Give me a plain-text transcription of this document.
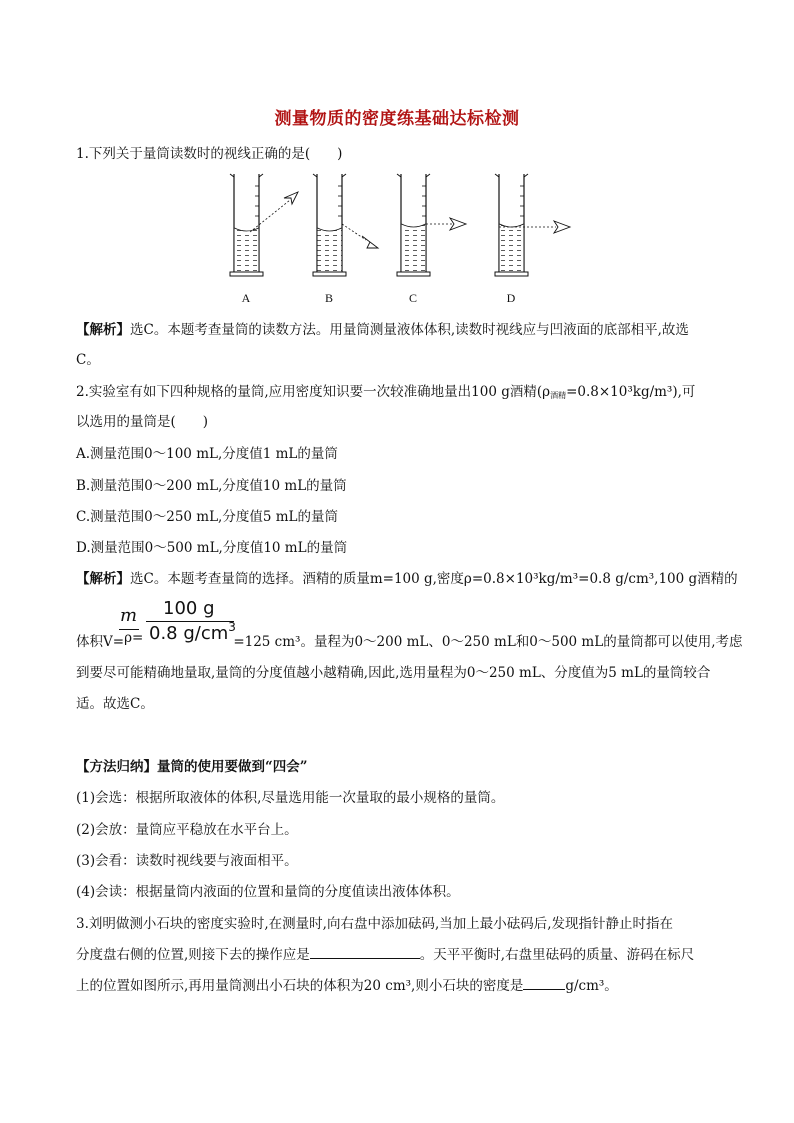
测量物质的密度练基础达标检测
1.下列关于量筒读数时的视线正确的是(　　)
A	B	C	D
【解析】选C。本题考查量筒的读数方法。用量筒测量液体体积,读数时视线应与凹液面的底部相平,故选
C。
2.实验室有如下四种规格的量筒,应用密度知识要一次较准确地量出100 g酒精$(\rho_{酒精}=0.8\times 10^3kg/m^3)$,可
以选用的量筒是(　　)
A.测量范围0～100 mL,分度值1 mL的量筒
B.测量范围0～200 mL,分度值10 mL的量筒
C.测量范围0～250 mL,分度值5 mL的量筒
D.测量范围0～500 mL,分度值10 mL的量筒
【解析】选C。本题考查量筒的选择。酒精的质量m=100 g,密度ρ=0.8×10³kg/m³=0.8 g/cm³,100 g酒精的
m 100 g
0.8 $g/cm^3$
体积V=ρ=	=125 cm³。量程为0～200 mL、0～250 mL和0～500 mL的量筒都可以使用,考虑
到要尽可能精确地量取,量筒的分度值越小越精确,因此,选用量程为0～250 mL、分度值为5 mL的量筒较合
适。故选C。
【方法归纳】量筒的使用要做到“四会”
(1)会选：根据所取液体的体积,尽量选用能一次量取的最小规格的量筒。
(2)会放：量筒应平稳放在水平台上。
(3)会看：读数时视线要与液面相平。
(4)会读：根据量筒内液面的位置和量筒的分度值读出液体体积。
3.刘明做测小石块的密度实验时,在测量时,向右盘中添加砝码,当加上最小砝码后,发现指针静止时指在
分度盘右侧的位置,则接下去的操作应是	。天平平衡时,右盘里砝码的质量、游码在标尺
上的位置如图所示,再用量筒测出小石块的体积为20 cm³,则小石块的密度是	g/cm³。
